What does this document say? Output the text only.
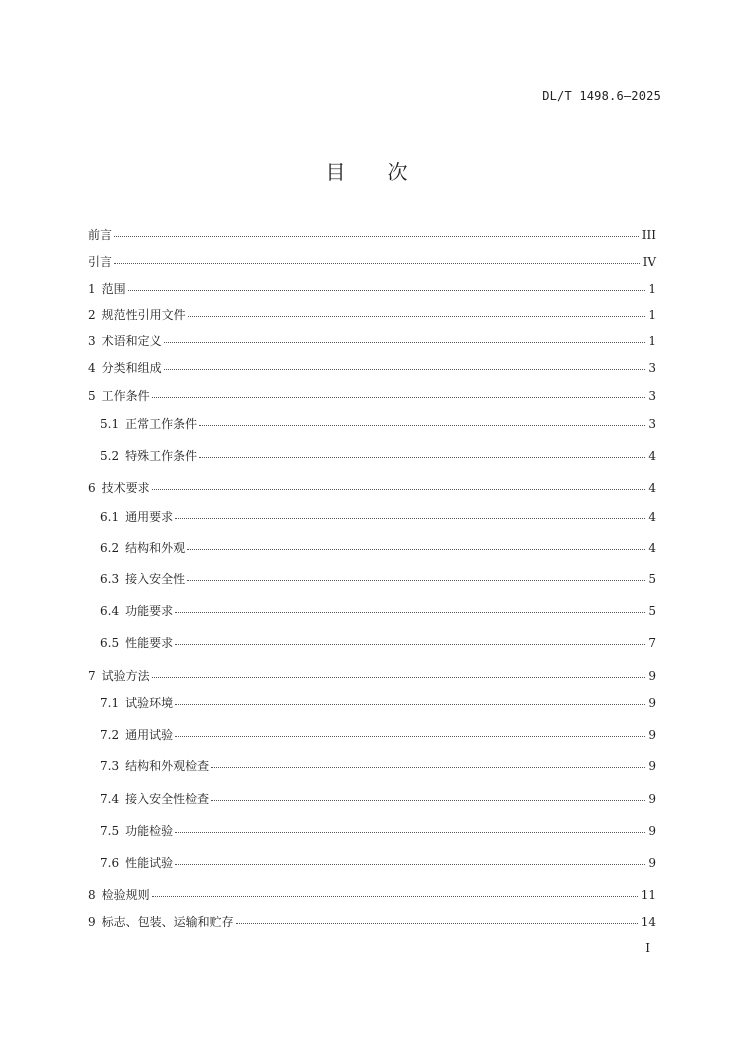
DL/T 1498.6—2025
目 次
前言	III
引言	IV
1 范围	1
2 规范性引用文件	1
3 术语和定义	1
4 分类和组成	3
5 工作条件	3
5.1 正常工作条件	3
5.2 特殊工作条件	4
6 技术要求	4
6.1 通用要求	4
6.2 结构和外观	4
6.3 接入安全性	5
6.4 功能要求	5
6.5 性能要求	7
7 试验方法	9
7.1 试验环境	9
7.2 通用试验	9
7.3 结构和外观检查	9
7.4 接入安全性检查	9
7.5 功能检验	9
7.6 性能试验	9
8 检验规则	11
9 标志、包装、运输和贮存	14
I
